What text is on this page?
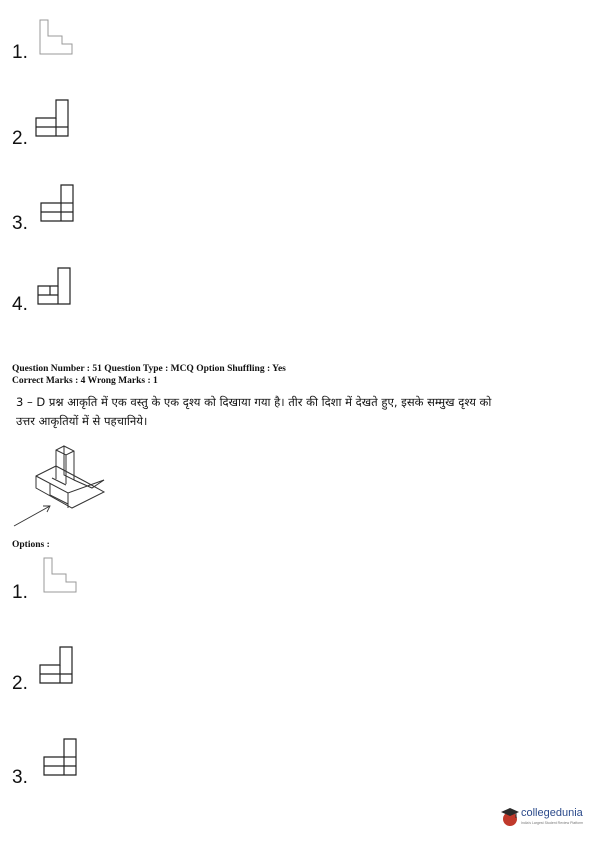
1.
2.
3.
4.
Question Number : 51 Question Type : MCQ Option Shuffling : Yes
Correct Marks : 4 Wrong Marks : 1
3 – D प्रश्न आकृति में एक वस्तु के एक दृश्य को दिखाया गया है। तीर की दिशा में देखते हुए, इसके सम्मुख दृश्य को
उत्तर आकृतियों में से पहचानिये।
Options :
1.
2.
3.
collegedunia
India's Largest Student Review Platform
